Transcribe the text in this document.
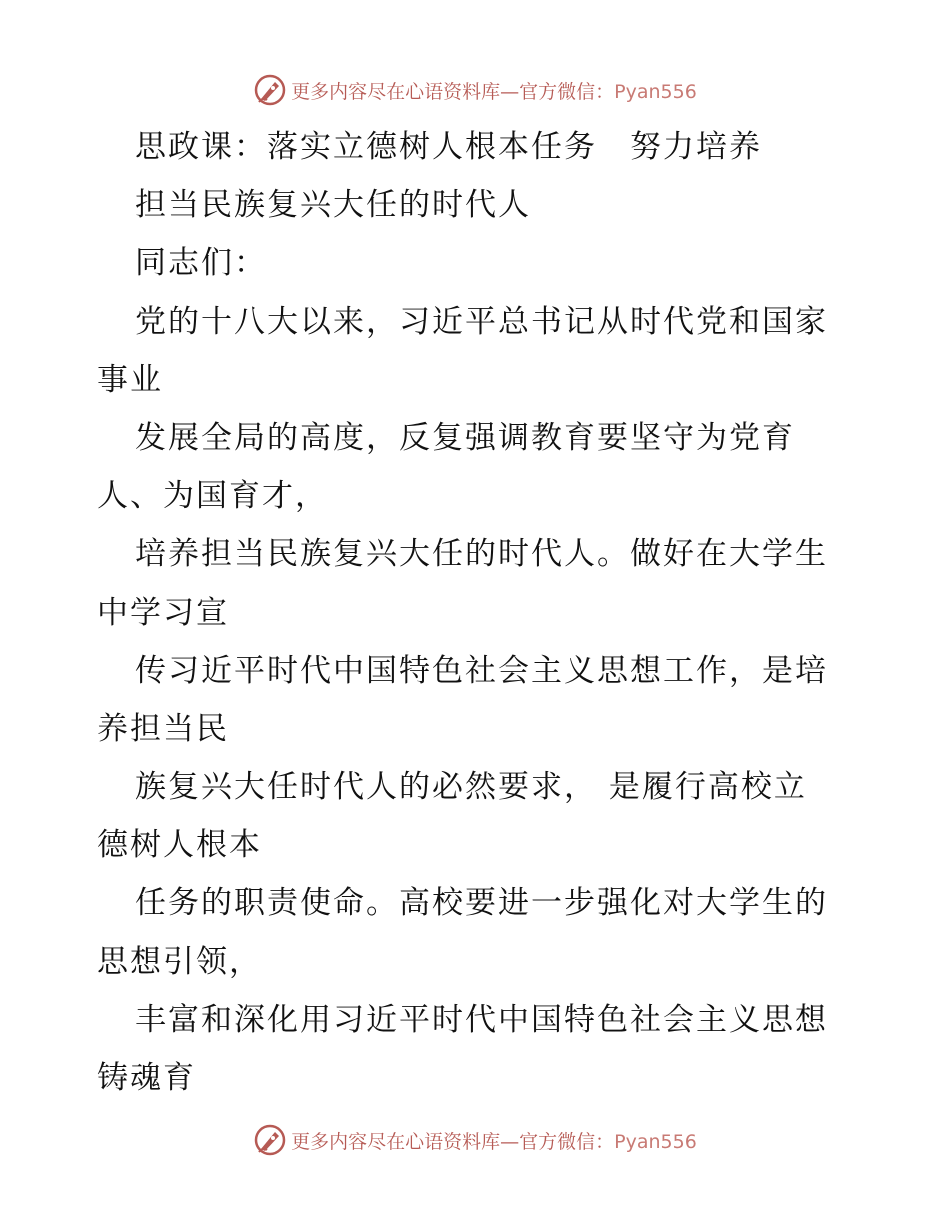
更多内容尽在心语资料库—官方微信：Pyan556
思政课：落实立德树人根本任务　努力培养
担当民族复兴大任的时代人
同志们：
党的十八大以来，习近平总书记从时代党和国家
事业
发展全局的高度，反复强调教育要坚守为党育
人、为国育才，
培养担当民族复兴大任的时代人。做好在大学生
中学习宣
传习近平时代中国特色社会主义思想工作，是培
养担当民
族复兴大任时代人的必然要求， 是履行高校立
德树人根本
任务的职责使命。高校要进一步强化对大学生的
思想引领，
丰富和深化用习近平时代中国特色社会主义思想
铸魂育
更多内容尽在心语资料库—官方微信：Pyan556
